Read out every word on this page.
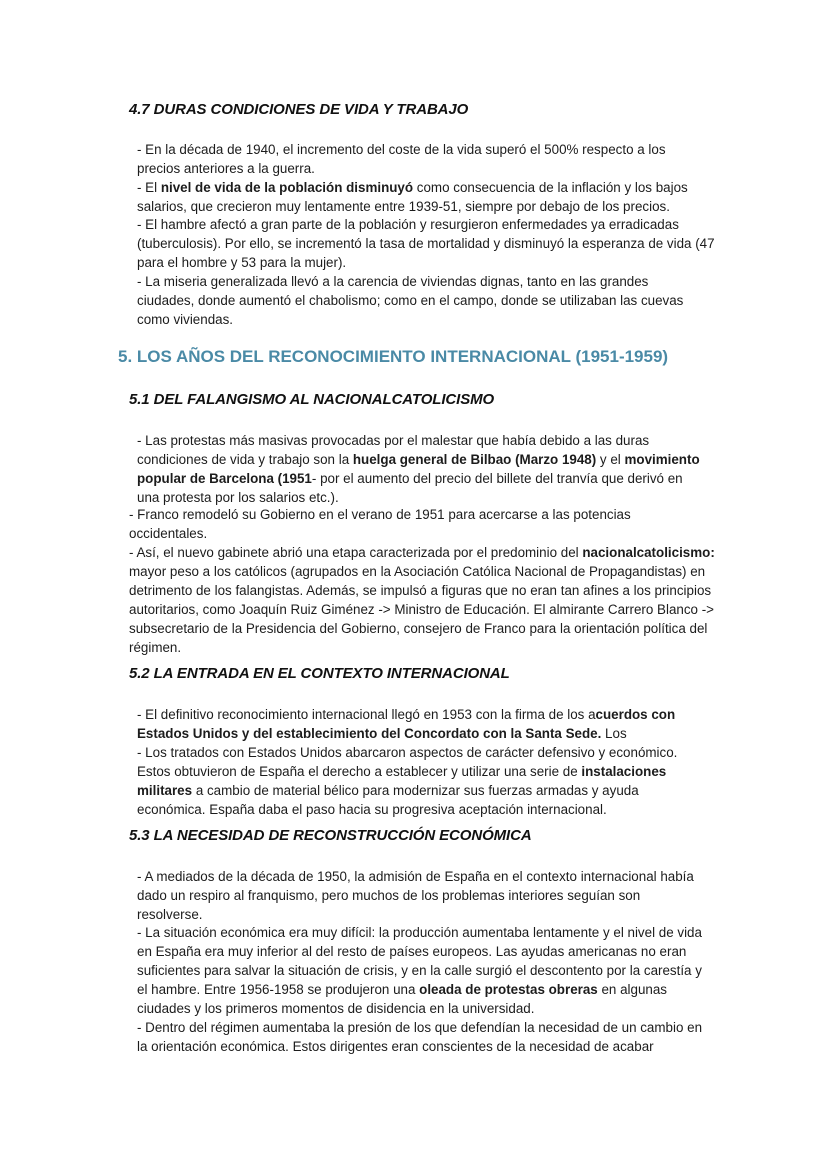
4.7 DURAS CONDICIONES DE VIDA Y TRABAJO

- En la década de 1940, el incremento del coste de la vida superó el 500% respecto a los precios anteriores a la guerra.

- El nivel de vida de la población disminuyó como consecuencia de la inflación y los bajos salarios, que crecieron muy lentamente entre 1939-51, siempre por debajo de los precios.

- El hambre afectó a gran parte de la población y resurgieron enfermedades ya erradicadas (tuberculosis). Por ello, se incrementó la tasa de mortalidad y disminuyó la esperanza de vida (47 para el hombre y 53 para la mujer).

- La miseria generalizada llevó a la carencia de viviendas dignas, tanto en las grandes ciudades, donde aumentó el chabolismo; como en el campo, donde se utilizaban las cuevas como viviendas.

5. LOS AÑOS DEL RECONOCIMIENTO INTERNACIONAL (1951-1959)
5.1 DEL FALANGISMO AL NACIONALCATOLICISMO

- Las protestas más masivas provocadas por el malestar que había debido a las duras condiciones de vida y trabajo son la huelga general de Bilbao (Marzo 1948) y el movimiento popular de Barcelona (1951- por el aumento del precio del billete del tranvía que derivó en una protesta por los salarios etc.).

- Franco remodeló su Gobierno en el verano de 1951 para acercarse a las potencias occidentales.

- Así, el nuevo gabinete abrió una etapa caracterizada por el predominio del nacionalcatolicismo: mayor peso a los católicos (agrupados en la Asociación Católica Nacional de Propagandistas) en detrimento de los falangistas. Además, se impulsó a figuras que no eran tan afines a los principios autoritarios, como Joaquín Ruiz Giménez -> Ministro de Educación. El almirante Carrero Blanco -> subsecretario de la Presidencia del Gobierno, consejero de Franco para la orientación política del régimen.

5.2 LA ENTRADA EN EL CONTEXTO INTERNACIONAL

- El definitivo reconocimiento internacional llegó en 1953 con la firma de los acuerdos con Estados Unidos y del establecimiento del Concordato con la Santa Sede. Los

- Los tratados con Estados Unidos abarcaron aspectos de carácter defensivo y económico. Estos obtuvieron de España el derecho a establecer y utilizar una serie de instalaciones militares a cambio de material bélico para modernizar sus fuerzas armadas y ayuda económica. España daba el paso hacia su progresiva aceptación internacional.

5.3 LA NECESIDAD DE RECONSTRUCCIÓN ECONÓMICA

- A mediados de la década de 1950, la admisión de España en el contexto internacional había dado un respiro al franquismo, pero muchos de los problemas interiores seguían son resolverse.

- La situación económica era muy difícil: la producción aumentaba lentamente y el nivel de vida en España era muy inferior al del resto de países europeos. Las ayudas americanas no eran suficientes para salvar la situación de crisis, y en la calle surgió el descontento por la carestía y el hambre. Entre 1956-1958 se produjeron una oleada de protestas obreras en algunas ciudades y los primeros momentos de disidencia en la universidad.

- Dentro del régimen aumentaba la presión de los que defendían la necesidad de un cambio en la orientación económica. Estos dirigentes eran conscientes de la necesidad de acabar
